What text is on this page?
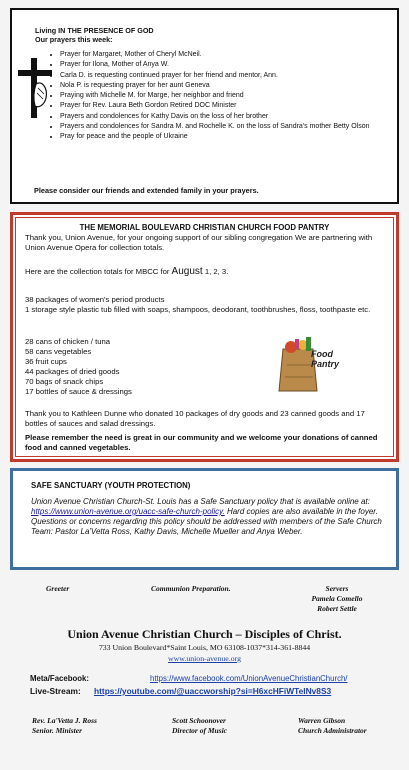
Living IN THE PRESENCE OF GOD
Our prayers this week:
• Prayer for Margaret, Mother of Cheryl McNeil.
• Prayer for Ilona, Mother of Anya W.
• Carla D. is requesting continued prayer for her friend and mentor, Ann.
• Nola P. is requesting prayer for her aunt Geneva
• Praying with Michelle M. for Marge, her neighbor and friend
• Prayer for Rev. Laura Beth Gordon Retired DOC Minister
• Prayers and condolences for Kathy Davis on the loss of her brother
• Prayers and condolences for Sandra M. and Rochelle K. on the loss of Sandra's mother Betty Olson
• Pray for peace and the people of Ukraine
Please consider our friends and extended family in your prayers.
THE MEMORIAL BOULEVARD CHRISTIAN CHURCH FOOD PANTRY
Thank you, Union Avenue, for your ongoing support of our sibling congregation We are partnering with Union Avenue Opera for collection totals.
Here are the collection totals for MBCC for August 1, 2, 3.
38 packages of women's period products
1 storage style plastic tub filled with soaps, shampoos, deodorant, toothbrushes, floss, toothpaste etc.
28 cans of chicken / tuna
58 cans vegetables
36 fruit cups
44 packages of dried goods
70 bags of snack chips
17 bottles of sauce & dressings
Food
Pantry
Thank you to Kathleen Dunne who donated 10 packages of dry goods and 23 canned goods and 17 bottles of sauces and salad dressings.
Please remember the need is great in our community and we welcome your donations of canned food and canned vegetables.
SAFE SANCTUARY (YOUTH PROTECTION)
Union Avenue Christian Church-St. Louis has a Safe Sanctuary policy that is available online at: https://www.union-avenue.org/uacc-safe-church-policy. Hard copies are also available in the foyer. Questions or concerns regarding this policy should be addressed with members of the Safe Church Team: Pastor La'Vetta Ross, Kathy Davis, Michelle Mueller and Anya Weber.
Greeter	Communion Preparation.	Servers
Pamela Comello
Robert Settle
Union Avenue Christian Church – Disciples of Christ.
733 Union Boulevard*Saint Louis, MO 63108-1037*314-361-8844
www.union-avenue.org
Meta/Facebook:	https://www.facebook.com/UnionAvenueChristianChurch/
Live-Stream: https://youtube.com/@uaccworship?si=H6xcHFiWTelNv8S3
Rev. La'Vetta J. Ross
Senior. Minister
Scott Schoonover
Director of Music
Warren Gibson
Church Administrator
